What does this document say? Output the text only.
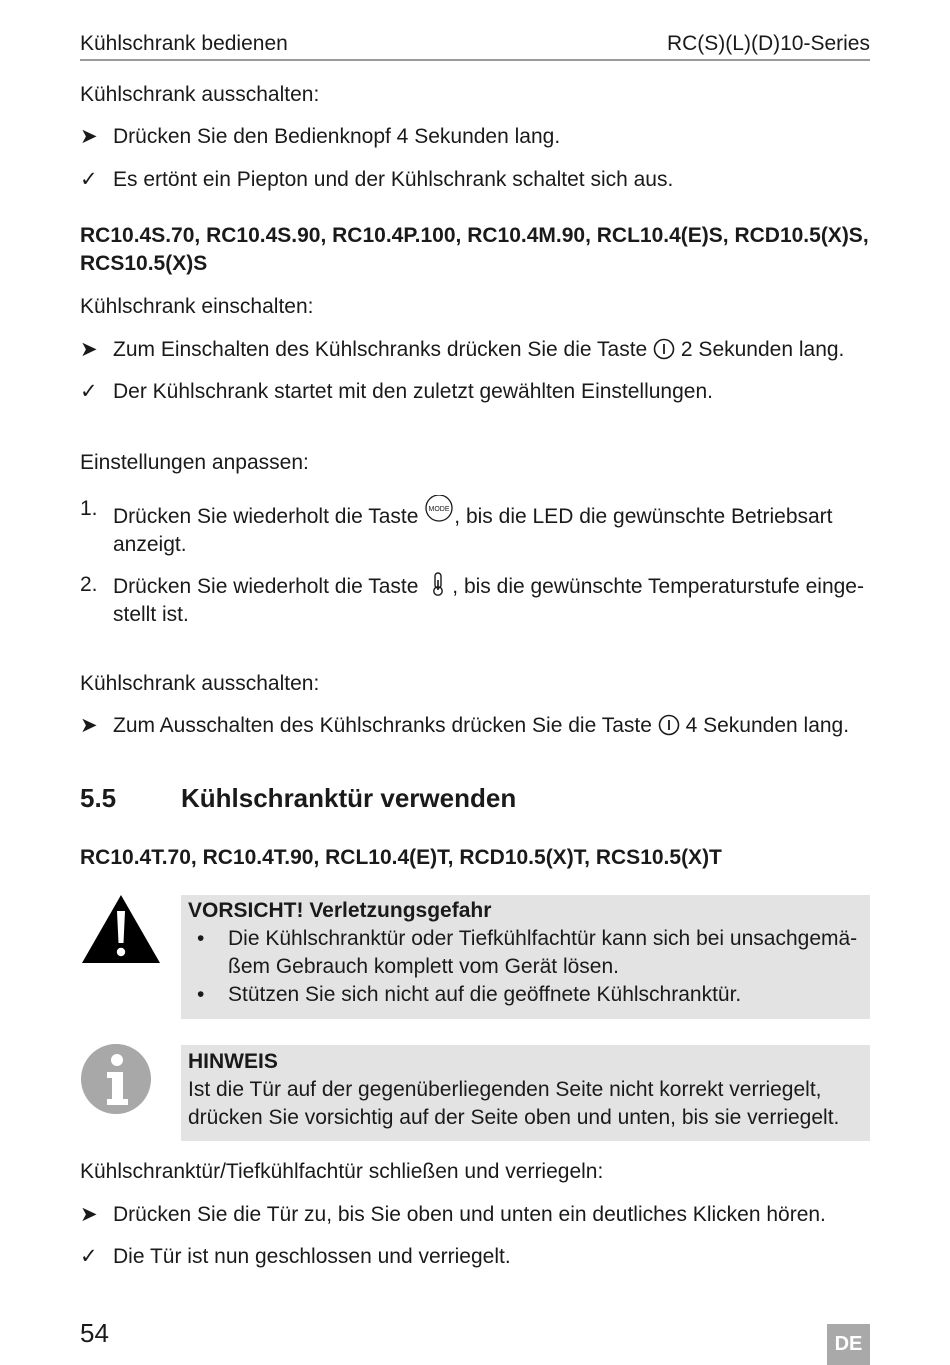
Kühlschrank bedienen	RC(S)(L)(D)10-Series
Kühlschrank ausschalten:
➤ Drücken Sie den Bedienknopf 4 Sekunden lang.
✓ Es ertönt ein Piepton und der Kühlschrank schaltet sich aus.
RC10.4S.70, RC10.4S.90, RC10.4P.100, RC10.4M.90, RCL10.4(E)S, RCD10.5(X)S, RCS10.5(X)S
Kühlschrank einschalten:
➤ Zum Einschalten des Kühlschranks drücken Sie die Taste 2 Sekunden lang.
✓ Der Kühlschrank startet mit den zuletzt gewählten Einstellungen.
Einstellungen anpassen:
1. Drücken Sie wiederholt die Taste MODE , bis die LED die gewünschte Betriebsart anzeigt.
2. Drücken Sie wiederholt die Taste , bis die gewünschte Temperaturstufe einge-stellt ist.
Kühlschrank ausschalten:
➤ Zum Ausschalten des Kühlschranks drücken Sie die Taste 4 Sekunden lang.
5.5 Kühlschranktür verwenden
RC10.4T.70, RC10.4T.90, RCL10.4(E)T, RCD10.5(X)T, RCS10.5(X)T
VORSICHT! Verletzungsgefahr
• Die Kühlschranktür oder Tiefkühlfachtür kann sich bei unsachgemä-ßem Gebrauch komplett vom Gerät lösen.
• Stützen Sie sich nicht auf die geöffnete Kühlschranktür.
HINWEIS
Ist die Tür auf der gegenüberliegenden Seite nicht korrekt verriegelt, drücken Sie vorsichtig auf der Seite oben und unten, bis sie verriegelt.
Kühlschranktür/Tiefkühlfachtür schließen und verriegeln:
➤ Drücken Sie die Tür zu, bis Sie oben und unten ein deutliches Klicken hören.
✓ Die Tür ist nun geschlossen und verriegelt.
54	DE
